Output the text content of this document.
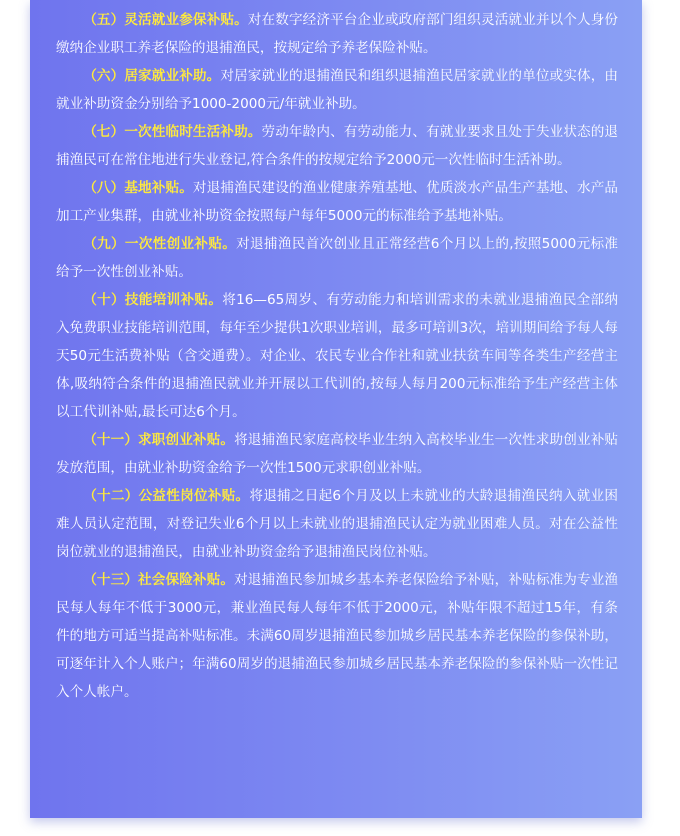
（五）灵活就业参保补贴。对在数字经济平台企业或政府部门组织灵活就业并以个人身份缴纳企业职工养老保险的退捕渔民，按规定给予养老保险补贴。

（六）居家就业补助。对居家就业的退捕渔民和组织退捕渔民居家就业的单位或实体，由就业补助资金分别给予1000-2000元/年就业补助。

（七）一次性临时生活补助。劳动年龄内、有劳动能力、有就业要求且处于失业状态的退捕渔民可在常住地进行失业登记,符合条件的按规定给予2000元一次性临时生活补助。

（八）基地补贴。对退捕渔民建设的渔业健康养殖基地、优质淡水产品生产基地、水产品加工产业集群，由就业补助资金按照每户每年5000元的标准给予基地补贴。

（九）一次性创业补贴。对退捕渔民首次创业且正常经营6个月以上的,按照5000元标准给予一次性创业补贴。

（十）技能培训补贴。将16—65周岁、有劳动能力和培训需求的未就业退捕渔民全部纳入免费职业技能培训范围，每年至少提供1次职业培训，最多可培训3次，培训期间给予每人每天50元生活费补贴（含交通费）。对企业、农民专业合作社和就业扶贫车间等各类生产经营主体,吸纳符合条件的退捕渔民就业并开展以工代训的,按每人每月200元标准给予生产经营主体以工代训补贴,最长可达6个月。

（十一）求职创业补贴。将退捕渔民家庭高校毕业生纳入高校毕业生一次性求助创业补贴发放范围，由就业补助资金给予一次性1500元求职创业补贴。

（十二）公益性岗位补贴。将退捕之日起6个月及以上未就业的大龄退捕渔民纳入就业困难人员认定范围，对登记失业6个月以上未就业的退捕渔民认定为就业困难人员。对在公益性岗位就业的退捕渔民，由就业补助资金给予退捕渔民岗位补贴。

（十三）社会保险补贴。对退捕渔民参加城乡基本养老保险给予补贴，补贴标准为专业渔民每人每年不低于3000元，兼业渔民每人每年不低于2000元，补贴年限不超过15年，有条件的地方可适当提高补贴标准。未满60周岁退捕渔民参加城乡居民基本养老保险的参保补助，可逐年计入个人账户；年满60周岁的退捕渔民参加城乡居民基本养老保险的参保补贴一次性记入个人帐户。
